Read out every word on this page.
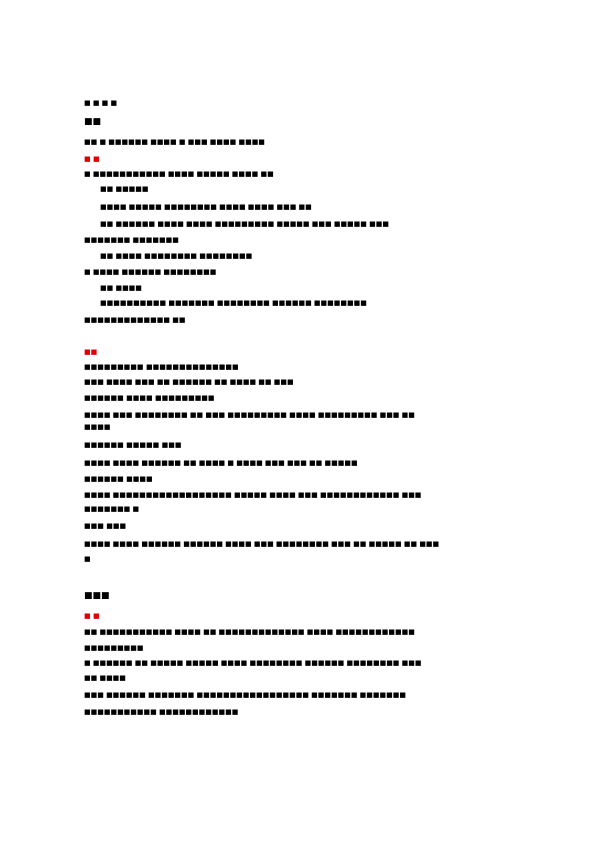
■ ■ ■ ■
■■
■■ ■ ■■■■■■ ■■■■ ■ ■■■ ■■■■ ■■■■
■ ■
■ ■■■■■■■■■■■ ■■■■ ■■■■■ ■■■■ ■■
■■ ■■■■■
■■■■ ■■■■■ ■■■■■■■■ ■■■■ ■■■■ ■■■ ■■
■■ ■■■■■■ ■■■■ ■■■■ ■■■■■■■■■ ■■■■■ ■■■ ■■■■■ ■■■
■■■■■■■ ■■■■■■■
■■ ■■■■ ■■■■■■■■ ■■■■■■■■
■ ■■■■ ■■■■■■ ■■■■■■■■
■■ ■■■■
■■■■■■■■■■ ■■■■■■■ ■■■■■■■■ ■■■■■■ ■■■■■■■■
■■■■■■■■■■■■■ ■■
■■
■■■■■■■■■ ■■■■■■■■■■■■■■
■■■ ■■■■ ■■■ ■■ ■■■■■■ ■■ ■■■■ ■■ ■■■
■■■■■■ ■■■■ ■■■■■■■■■
■■■■ ■■■ ■■■■■■■■ ■■ ■■■ ■■■■■■■■■ ■■■■ ■■■■■■■■■ ■■■ ■■
■■■■
■■■■■■ ■■■■■ ■■■
■■■■ ■■■■ ■■■■■■ ■■ ■■■■ ■ ■■■■ ■■■ ■■■ ■■ ■■■■■
■■■■■■ ■■■■
■■■■ ■■■■■■■■■■■■■■■■■■ ■■■■■ ■■■■ ■■■ ■■■■■■■■■■■■ ■■■
■■■■■■■ ■
■■■ ■■■
■■■■ ■■■■ ■■■■■■ ■■■■■■ ■■■■ ■■■ ■■■■■■■■ ■■■ ■■ ■■■■■ ■■ ■■■
■
■■■
■ ■
■■ ■■■■■■■■■■■ ■■■■ ■■ ■■■■■■■■■■■■■ ■■■■ ■■■■■■■■■■■■
■■■■■■■■■
■ ■■■■■■ ■■ ■■■■■ ■■■■■ ■■■■ ■■■■■■■■ ■■■■■■ ■■■■■■■■ ■■■
■■ ■■■■
■■■ ■■■■■■ ■■■■■■■ ■■■■■■■■■■■■■■■■■ ■■■■■■■ ■■■■■■■
■■■■■■■■■■■ ■■■■■■■■■■■■
